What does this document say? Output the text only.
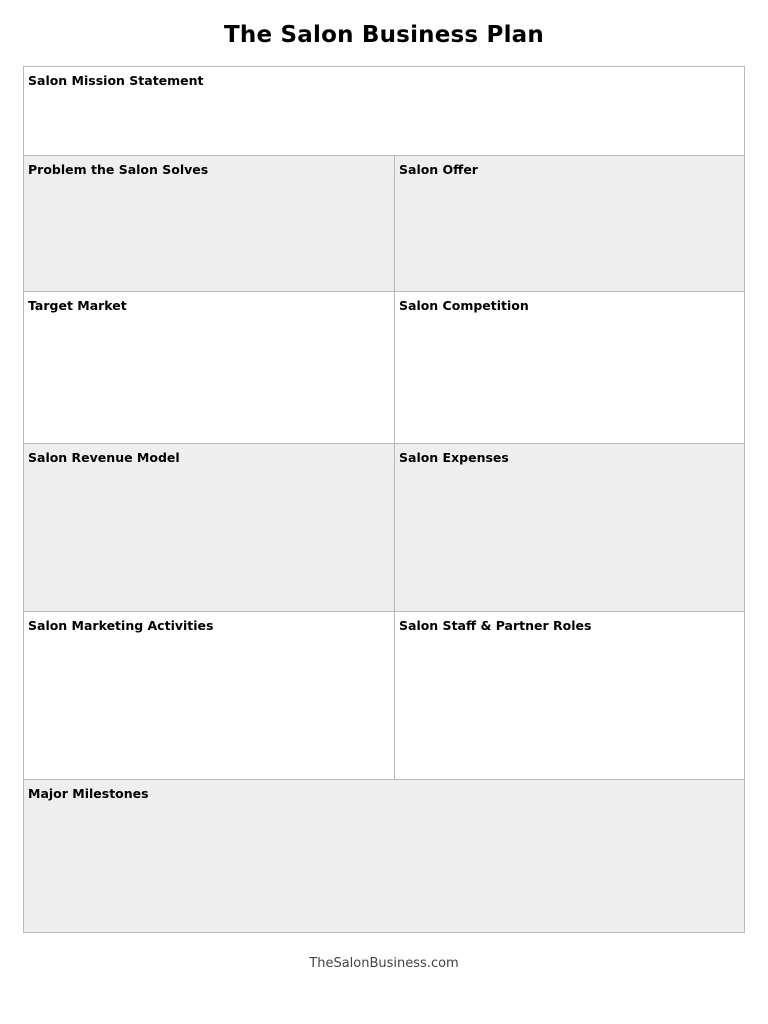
The Salon Business Plan
Salon Mission Statement
Problem the Salon Solves	Salon Offer
Target Market	Salon Competition
Salon Revenue Model	Salon Expenses
Salon Marketing Activities	Salon Staff & Partner Roles
Major Milestones
TheSalonBusiness.com
